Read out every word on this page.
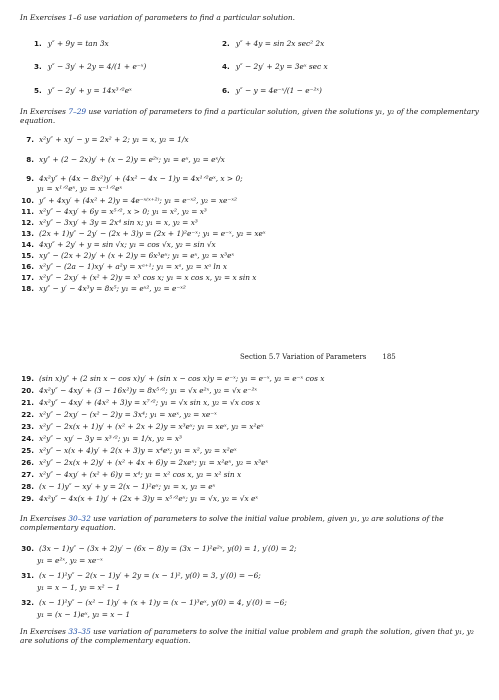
In Exercises 1–6 use variation of parameters to find a particular solution.
1. y″ + 9y = tan 3x	2. y″ + 4y = sin 2x sec² 2x
3. y″ − 3y′ + 2y = 4/(1 + e⁻ˣ)	4. y″ − 2y′ + 2y = 3eˣ sec x
5. y″ − 2y′ + y = 14x³ᐟ²eˣ	6. y″ − y = 4e⁻ˣ/(1 − e⁻²ˣ)
In Exercises 7–29 use variation of parameters to find a particular solution, given the solutions y₁, y₂ of the complementary equation.
7. x²y″ + xy′ − y = 2x² + 2; y₁ = x, y₂ = 1/x
8. xy″ + (2 − 2x)y′ + (x − 2)y = e²ˣ; y₁ = eˣ, y₂ = eˣ/x
9. 4x²y″ + (4x − 8x²)y′ + (4x² − 4x − 1)y = 4x¹ᐟ²eˣ, x > 0;
y₁ = x¹ᐟ²eˣ, y₂ = x⁻¹ᐟ²eˣ
10. y″ + 4xy′ + (4x² + 2)y = 4e⁻ˣ⁽ˣ⁺²⁾; y₁ = e⁻ˣ², y₂ = xe⁻ˣ²
11. x²y″ − 4xy′ + 6y = x⁵ᐟ², x > 0; y₁ = x², y₂ = x³
12. x²y″ − 3xy′ + 3y = 2x⁴ sin x; y₁ = x, y₂ = x³
13. (2x + 1)y″ − 2y′ − (2x + 3)y = (2x + 1)²e⁻ˣ; y₁ = e⁻ˣ, y₂ = xeˣ
14. 4xy″ + 2y′ + y = sin √x; y₁ = cos √x, y₂ = sin √x
15. xy″ − (2x + 2)y′ + (x + 2)y = 6x³eˣ; y₁ = eˣ, y₂ = x³eˣ
16. x²y″ − (2a − 1)xy′ + a²y = xᵃ⁺¹; y₁ = xᵃ, y₂ = xᵃ ln x
17. x²y″ − 2xy′ + (x² + 2)y = x³ cos x; y₁ = x cos x, y₂ = x sin x
18. xy″ − y′ − 4x³y = 8x⁵; y₁ = eˣ², y₂ = e⁻ˣ²
Section 5.7 Variation of Parameters 185
19. (sin x)y″ + (2 sin x − cos x)y′ + (sin x − cos x)y = e⁻ˣ; y₁ = e⁻ˣ, y₂ = e⁻ˣ cos x
20. 4x²y″ − 4xy′ + (3 − 16x²)y = 8x⁵ᐟ²; y₁ = √x e²ˣ, y₂ = √x e⁻²ˣ
21. 4x²y″ − 4xy′ + (4x² + 3)y = x⁷ᐟ²; y₁ = √x sin x, y₂ = √x cos x
22. x²y″ − 2xy′ − (x² − 2)y = 3x⁴; y₁ = xeˣ, y₂ = xe⁻ˣ
23. x²y″ − 2x(x + 1)y′ + (x² + 2x + 2)y = x³eˣ; y₁ = xeˣ, y₂ = x²eˣ
24. x²y″ − xy′ − 3y = x³ᐟ²; y₁ = 1/x, y₂ = x³
25. x²y″ − x(x + 4)y′ + 2(x + 3)y = x⁴eˣ; y₁ = x², y₂ = x²eˣ
26. x²y″ − 2x(x + 2)y′ + (x² + 4x + 6)y = 2xeˣ; y₁ = x²eˣ, y₂ = x³eˣ
27. x²y″ − 4xy′ + (x² + 6)y = x⁴; y₁ = x² cos x, y₂ = x² sin x
28. (x − 1)y″ − xy′ + y = 2(x − 1)²eˣ; y₁ = x, y₂ = eˣ
29. 4x²y″ − 4x(x + 1)y′ + (2x + 3)y = x⁵ᐟ²eˣ; y₁ = √x, y₂ = √x eˣ
In Exercises 30–32 use variation of parameters to solve the initial value problem, given y₁, y₂ are solutions of the complementary equation.
30. (3x − 1)y″ − (3x + 2)y′ − (6x − 8)y = (3x − 1)²e²ˣ, y(0) = 1, y′(0) = 2;
y₁ = e²ˣ, y₂ = xe⁻ˣ
31. (x − 1)²y″ − 2(x − 1)y′ + 2y = (x − 1)², y(0) = 3, y′(0) = −6;
y₁ = x − 1, y₂ = x² − 1
32. (x − 1)²y″ − (x² − 1)y′ + (x + 1)y = (x − 1)³eˣ, y(0) = 4, y′(0) = −6;
y₁ = (x − 1)eˣ, y₂ = x − 1
In Exercises 33–35 use variation of parameters to solve the initial value problem and graph the solution, given that y₁, y₂ are solutions of the complementary equation.
